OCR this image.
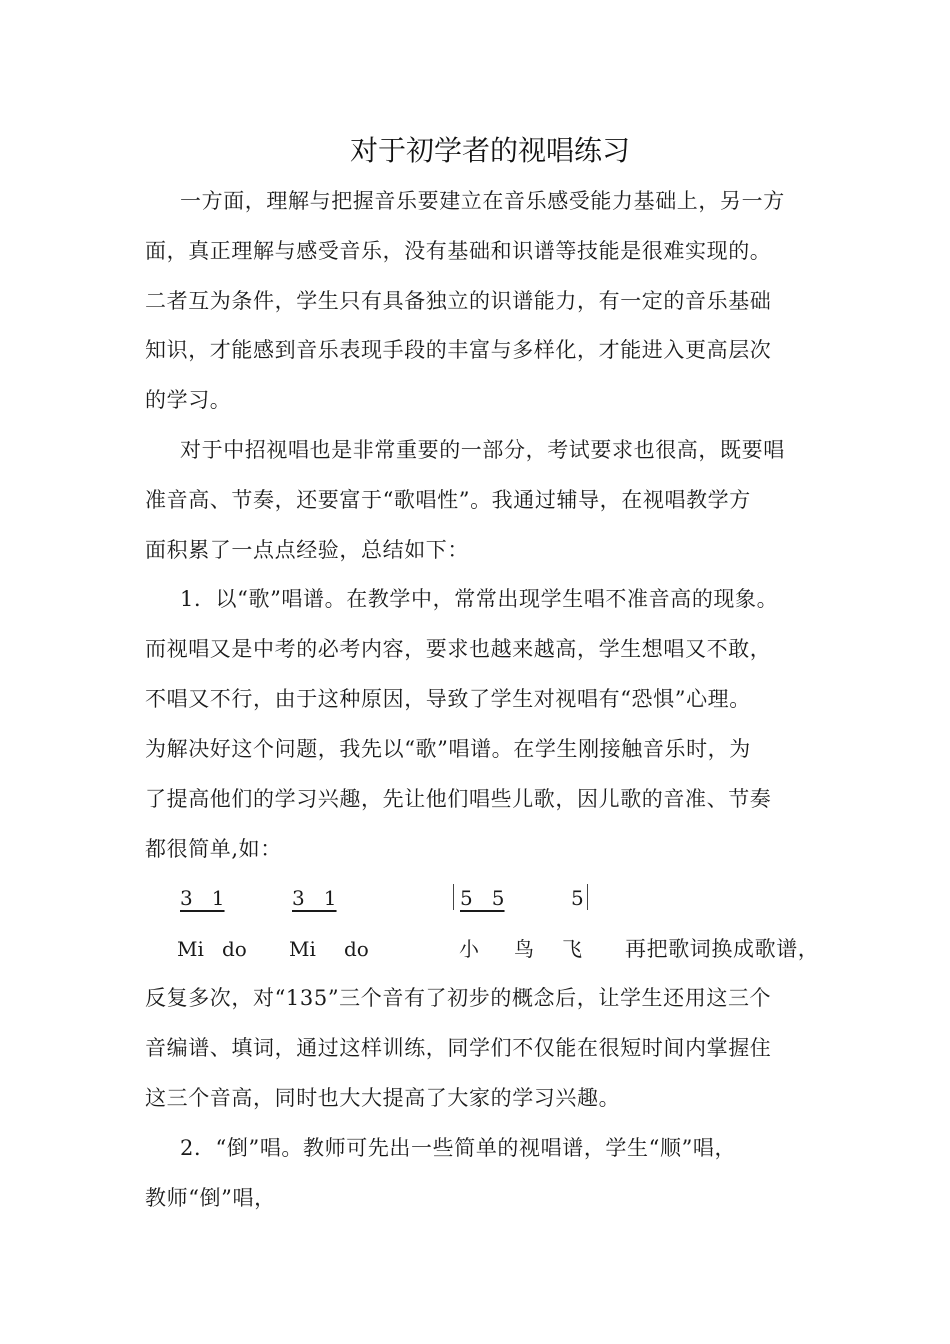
对于初学者的视唱练习
一方面，理解与把握音乐要建立在音乐感受能力基础上，另一方
面，真正理解与感受音乐，没有基础和识谱等技能是很难实现的。
二者互为条件，学生只有具备独立的识谱能力，有一定的音乐基础
知识，才能感到音乐表现手段的丰富与多样化，才能进入更高层次
的学习。
对于中招视唱也是非常重要的一部分，考试要求也很高，既要唱
准音高、节奏，还要富于“歌唱性”。我通过辅导，在视唱教学方
面积累了一点点经验，总结如下：
1．以“歌”唱谱。在教学中，常常出现学生唱不准音高的现象。
而视唱又是中考的必考内容，要求也越来越高，学生想唱又不敢，
不唱又不行，由于这种原因，导致了学生对视唱有“恐惧”心理。
为解决好这个问题，我先以“歌”唱谱。在学生刚接触音乐时，为
了提高他们的学习兴趣，先让他们唱些儿歌，因儿歌的音准、节奏
都很简单,如：
3   1	3   1	5   5	5
Mi do Mi do	小 鸟 飞 再把歌词换成歌谱，
反复多次，对“135”三个音有了初步的概念后，让学生还用这三个
音编谱、填词，通过这样训练，同学们不仅能在很短时间内掌握住
这三个音高，同时也大大提高了大家的学习兴趣。
2．“倒”唱。教师可先出一些简单的视唱谱，学生“顺”唱，
教师“倒”唱，
